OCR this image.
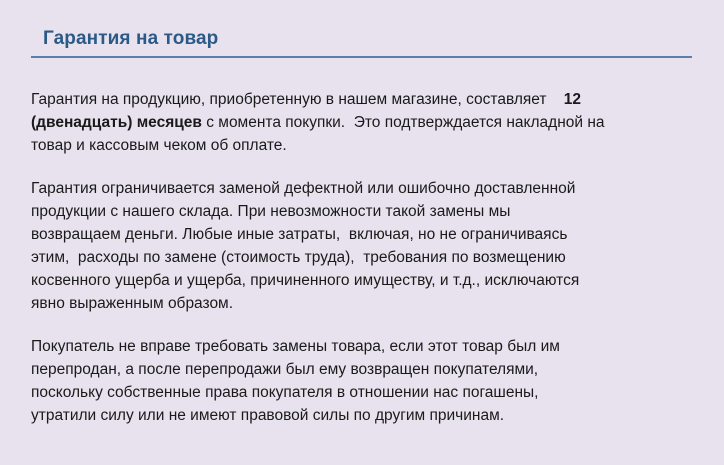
Гарантия на товар
Гарантия на продукцию, приобретенную в нашем магазине, составляет    12
(двенадцать) месяцев с момента покупки.  Это подтверждается накладной на
товар и кассовым чеком об оплате.
Гарантия ограничивается заменой дефектной или ошибочно доставленной
продукции с нашего склада. При невозможности такой замены мы
возвращаем деньги. Любые иные затраты,  включая, но не ограничиваясь
этим,  расходы по замене (стоимость труда),  требования по возмещению
косвенного ущерба и ущерба, причиненного имуществу, и т.д., исключаются
явно выраженным образом.
Покупатель не вправе требовать замены товара, если этот товар был им
перепродан, а после перепродажи был ему возвращен покупателями,
поскольку собственные права покупателя в отношении нас погашены,
утратили силу или не имеют правовой силы по другим причинам.
